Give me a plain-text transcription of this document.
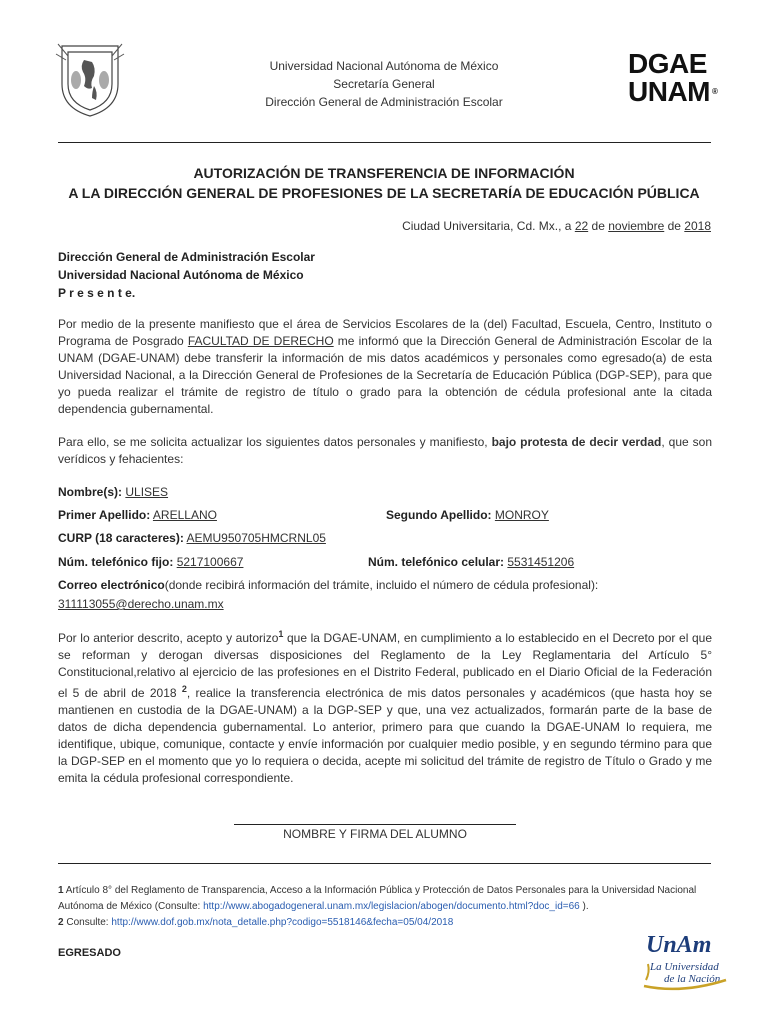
Universidad Nacional Autónoma de México
Secretaría General
Dirección General de Administración Escolar
DGAE
UNAM ®
AUTORIZACIÓN DE TRANSFERENCIA DE INFORMACIÓN
A LA DIRECCIÓN GENERAL DE PROFESIONES DE LA SECRETARÍA DE EDUCACIÓN PÚBLICA
Ciudad Universitaria, Cd. Mx., a 22 de noviembre de 2018
Dirección General de Administración Escolar
Universidad Nacional Autónoma de México
P r e s e n t e.
Por medio de la presente manifiesto que el área de Servicios Escolares de la (del) Facultad, Escuela, Centro, Instituto o Programa de Posgrado FACULTAD DE DERECHO me informó que la Dirección General de Administración Escolar de la UNAM (DGAE-UNAM) debe transferir la información de mis datos académicos y personales como egresado(a) de esta Universidad Nacional, a la Dirección General de Profesiones de la Secretaría de Educación Pública (DGP-SEP), para que yo pueda realizar el trámite de registro de título o grado para la obtención de cédula profesional ante la citada dependencia gubernamental.
Para ello, se me solicita actualizar los siguientes datos personales y manifiesto, bajo protesta de decir verdad, que son verídicos y fehacientes:
Nombre(s): ULISES
Primer Apellido: ARELLANO	Segundo Apellido: MONROY
CURP (18 caracteres): AEMU950705HMCRNL05
Núm. telefónico fijo: 5217100667	Núm. telefónico celular: 5531451206
Correo electrónico(donde recibirá información del trámite, incluido el número de cédula profesional):
311113055@derecho.unam.mx
Por lo anterior descrito, acepto y autorizo$^1$ que la DGAE-UNAM, en cumplimiento a lo establecido en el Decreto por el que se reforman y derogan diversas disposiciones del Reglamento de la Ley Reglamentaria del Artículo 5° Constitucional,relativo al ejercicio de las profesiones en el Distrito Federal, publicado en el Diario Oficial de la Federación el 5 de abril de 2018 $^2$, realice la transferencia electrónica de mis datos personales y académicos (que hasta hoy se mantienen en custodia de la DGAE-UNAM) a la DGP-SEP y que, una vez actualizados, formarán parte de la base de datos de dicha dependencia gubernamental. Lo anterior, primero para que cuando la DGAE-UNAM lo requiera, me identifique, ubique, comunique, contacte y envíe información por cualquier medio posible, y en segundo término para que la DGP-SEP en el momento que yo lo requiera o decida, acepte mi solicitud del trámite de registro de Título o Grado y me emita la cédula profesional correspondiente.
NOMBRE Y FIRMA DEL ALUMNO
1 Artículo 8° del Reglamento de Transparencia, Acceso a la Información Pública y Protección de Datos Personales para la Universidad Nacional Autónoma de México (Consulte: http://www.abogadogeneral.unam.mx/legislacion/abogen/documento.html?doc_id=66 ).
2 Consulte: http://www.dof.gob.mx/nota_detalle.php?codigo=5518146&fecha=05/04/2018
EGRESADO	UnAm
La Universidad
de la Nación
